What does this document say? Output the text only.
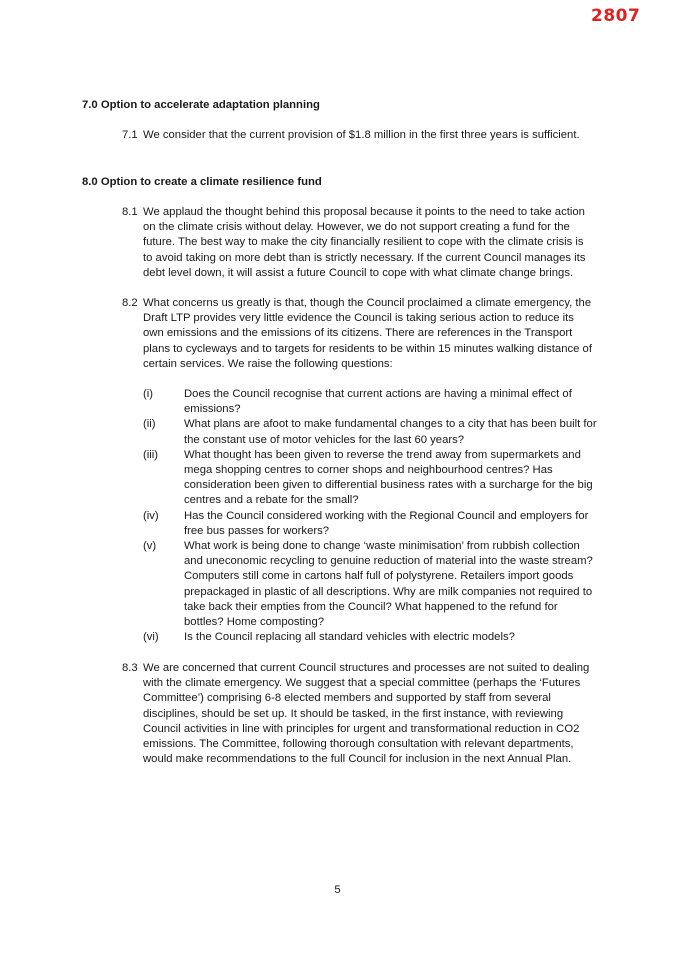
2807
7.0 Option to accelerate adaptation planning
7.1 We consider that the current provision of $1.8 million in the first three years is sufficient.
8.0 Option to create a climate resilience fund
8.1 We applaud the thought behind this proposal because it points to the need to take action on the climate crisis without delay. However, we do not support creating a fund for the future. The best way to make the city financially resilient to cope with the climate crisis is to avoid taking on more debt than is strictly necessary. If the current Council manages its debt level down, it will assist a future Council to cope with what climate change brings.
8.2 What concerns us greatly is that, though the Council proclaimed a climate emergency, the Draft LTP provides very little evidence the Council is taking serious action to reduce its own emissions and the emissions of its citizens. There are references in the Transport plans to cycleways and to targets for residents to be within 15 minutes walking distance of certain services. We raise the following questions:
(i)	Does the Council recognise that current actions are having a minimal effect of emissions?
(ii)	What plans are afoot to make fundamental changes to a city that has been built for the constant use of motor vehicles for the last 60 years?
(iii) What thought has been given to reverse the trend away from supermarkets and mega shopping centres to corner shops and neighbourhood centres? Has consideration been given to differential business rates with a surcharge for the big centres and a rebate for the small?
(iv) Has the Council considered working with the Regional Council and employers for free bus passes for workers?
(v) What work is being done to change ‘waste minimisation’ from rubbish collection and uneconomic recycling to genuine reduction of material into the waste stream? Computers still come in cartons half full of polystyrene. Retailers import goods prepackaged in plastic of all descriptions. Why are milk companies not required to take back their empties from the Council? What happened to the refund for bottles? Home composting?
(vi) Is the Council replacing all standard vehicles with electric models?
8.3 We are concerned that current Council structures and processes are not suited to dealing with the climate emergency. We suggest that a special committee (perhaps the ‘Futures Committee’) comprising 6-8 elected members and supported by staff from several disciplines, should be set up. It should be tasked, in the first instance, with reviewing Council activities in line with principles for urgent and transformational reduction in CO2 emissions. The Committee, following thorough consultation with relevant departments, would make recommendations to the full Council for inclusion in the next Annual Plan.
5
